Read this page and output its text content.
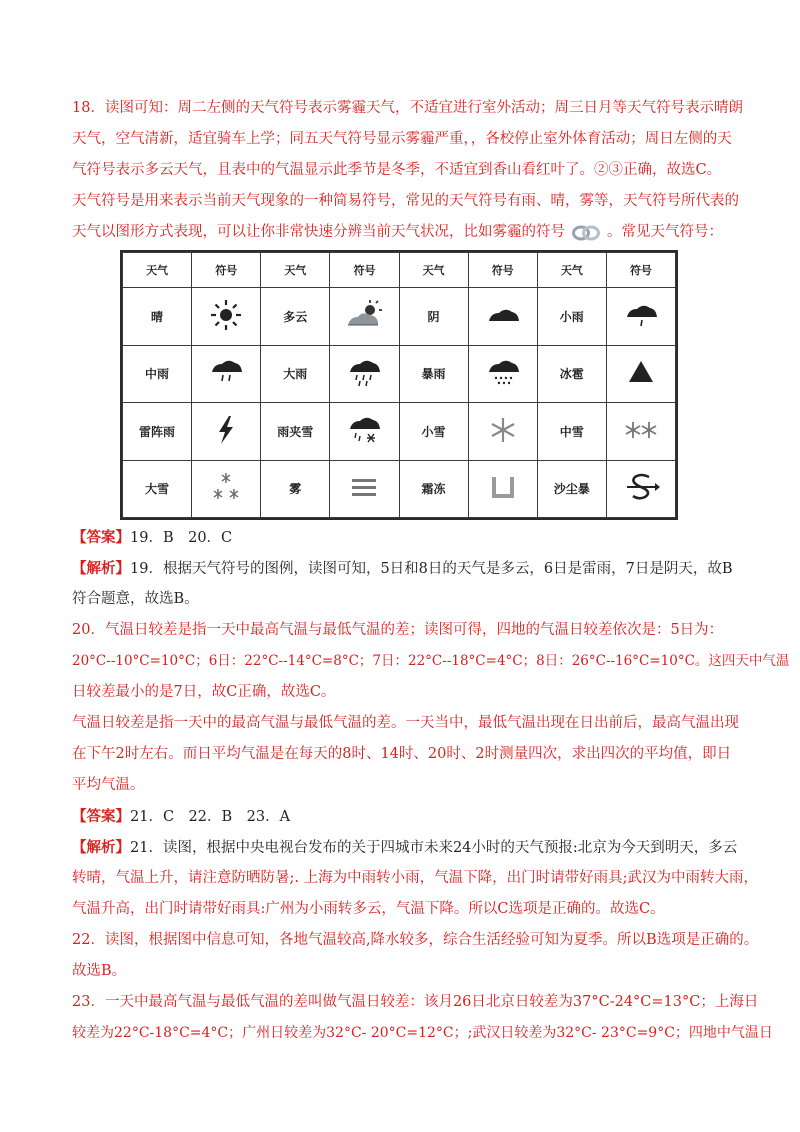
18．读图可知：周二左侧的天气符号表示雾霾天气，不适宜进行室外活动；周三日月等天气符号表示晴朗
天气，空气清新，适宜骑车上学；同五天气符号显示雾霾严重，，各校停止室外体育活动；周日左侧的天
气符号表示多云天气，且表中的气温显示此季节是冬季，不适宜到香山看红叶了。②③正确，故选C。
天气符号是用来表示当前天气现象的一种简易符号，常见的天气符号有雨、晴，雾等，天气符号所代表的
天气以图形方式表现，可以让你非常快速分辨当前天气状况，比如雾霾的符号	。常见天气符号：
天气	符号	天气	符号	天气	符号	天气	符号
晴		多云		阴		小雨	

中雨		大雨		暴雨		冰雹	

雷阵雨		雨夹雪		小雪		中雪	

大雪		雾		霜冻		沙尘暴	
【答案】19．B　20．C
【解析】19．根据天气符号的图例，读图可知，5日和8日的天气是多云，6日是雷雨，7日是阴天，故B
符合题意，故选B。
20．气温日较差是指一天中最高气温与最低气温的差；读图可得，四地的气温日较差依次是：5日为：
20°C--10°C=10°C；6日：22°C--14°C=8°C；7日：22°C--18°C=4°C；8日：26°C--16°C=10°C。这四天中气温
日较差最小的是7日，故C正确，故选C。
气温日较差是指一天中的最高气温与最低气温的差。一天当中，最低气温出现在日出前后，最高气温出现
在下午2时左右。而日平均气温是在每天的8时、14时、20时、2时测量四次，求出四次的平均值，即日
平均气温。
【答案】21．C　22．B　23．A
【解析】21．读图，根据中央电视台发布的关于四城市未来24小时的天气预报:北京为今天到明天，多云
转晴，气温上升，请注意防晒防暑;. 上海为中雨转小雨，气温下降，出门时请带好雨具;武汉为中雨转大雨，
气温升高，出门时请带好雨具:广州为小雨转多云，气温下降。所以C选项是正确的。故选C。
22．读图，根据图中信息可知，各地气温较高,降水较多，综合生活经验可知为夏季。所以B选项是正确的。
故选B。
23．一天中最高气温与最低气温的差叫做气温日较差：该月26日北京日较差为37°C-24°C=13°C；上海日
较差为22°C-18°C=4°C；广州日较差为32°C- 20°C=12°C；;武汉日较差为32°C- 23°C=9°C；四地中气温日
